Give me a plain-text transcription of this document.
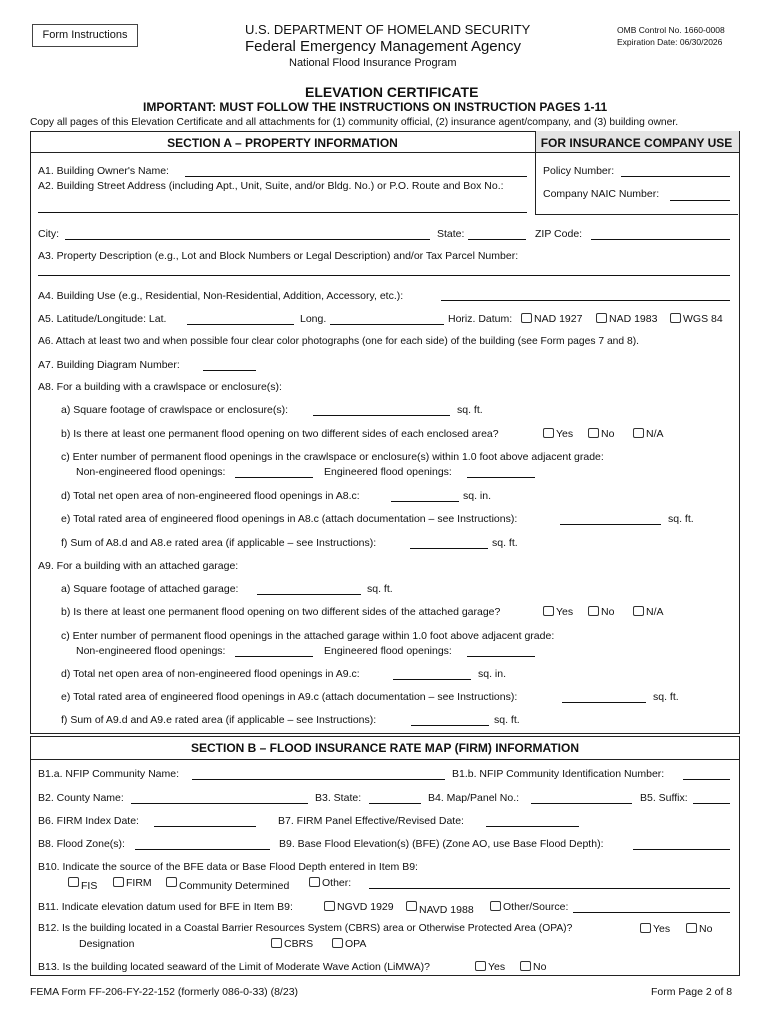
Form Instructions	U.S. DEPARTMENT OF HOMELAND SECURITY
Federal Emergency Management Agency
National Flood Insurance Program
OMB Control No. 1660-0008
Expiration Date: 06/30/2026
ELEVATION CERTIFICATE
IMPORTANT: MUST FOLLOW THE INSTRUCTIONS ON INSTRUCTION PAGES 1-11
Copy all pages of this Elevation Certificate and all attachments for (1) community official, (2) insurance agent/company, and (3) building owner.
SECTION A – PROPERTY INFORMATION	FOR INSURANCE COMPANY USE
Policy Number:
Company NAIC Number:
A1. Building Owner's Name:
A2. Building Street Address (including Apt., Unit, Suite, and/or Bldg. No.) or P.O. Route and Box No.:
City:	State:	ZIP Code:
A3. Property Description (e.g., Lot and Block Numbers or Legal Description) and/or Tax Parcel Number:
A4. Building Use (e.g., Residential, Non-Residential, Addition, Accessory, etc.):
A5. Latitude/Longitude: Lat.	Long.	Horiz. Datum:	NAD 1927	NAD 1983	WGS 84
A6. Attach at least two and when possible four clear color photographs (one for each side) of the building (see Form pages 7 and 8).
A7. Building Diagram Number:
A8. For a building with a crawlspace or enclosure(s):
a) Square footage of crawlspace or enclosure(s):	sq. ft.
b) Is there at least one permanent flood opening on two different sides of each enclosed area?	Yes	No	N/A
c) Enter number of permanent flood openings in the crawlspace or enclosure(s) within 1.0 foot above adjacent grade:
Non-engineered flood openings:	Engineered flood openings:
d) Total net open area of non-engineered flood openings in A8.c:	sq. in.
e) Total rated area of engineered flood openings in A8.c (attach documentation – see Instructions):	sq. ft.
f) Sum of A8.d and A8.e rated area (if applicable – see Instructions):	sq. ft.
A9. For a building with an attached garage:
a) Square footage of attached garage:	sq. ft.
b) Is there at least one permanent flood opening on two different sides of the attached garage?	Yes	No	N/A
c) Enter number of permanent flood openings in the attached garage within 1.0 foot above adjacent grade:
Non-engineered flood openings:	Engineered flood openings:
d) Total net open area of non-engineered flood openings in A9.c:	sq. in.
e) Total rated area of engineered flood openings in A9.c (attach documentation – see Instructions):	sq. ft.
f) Sum of A9.d and A9.e rated area (if applicable – see Instructions):	sq. ft.
SECTION B – FLOOD INSURANCE RATE MAP (FIRM) INFORMATION
B1.a. NFIP Community Name:	B1.b. NFIP Community Identification Number:
B2. County Name:	B3. State:	B4. Map/Panel No.:	B5. Suffix:
B6. FIRM Index Date:	B7. FIRM Panel Effective/Revised Date:
B8. Flood Zone(s):	B9. Base Flood Elevation(s) (BFE) (Zone AO, use Base Flood Depth):
B10. Indicate the source of the BFE data or Base Flood Depth entered in Item B9:
FIS	FIRM	Community Determined	Other:
B11. Indicate elevation datum used for BFE in Item B9:	NGVD 1929	NAVD 1988	Other/Source:
B12. Is the building located in a Coastal Barrier Resources System (CBRS) area or Otherwise Protected Area (OPA)?	Yes	No
Designation	CBRS	OPA
B13. Is the building located seaward of the Limit of Moderate Wave Action (LiMWA)?	Yes	No
FEMA Form FF-206-FY-22-152 (formerly 086-0-33) (8/23)	Form Page 2 of 8
